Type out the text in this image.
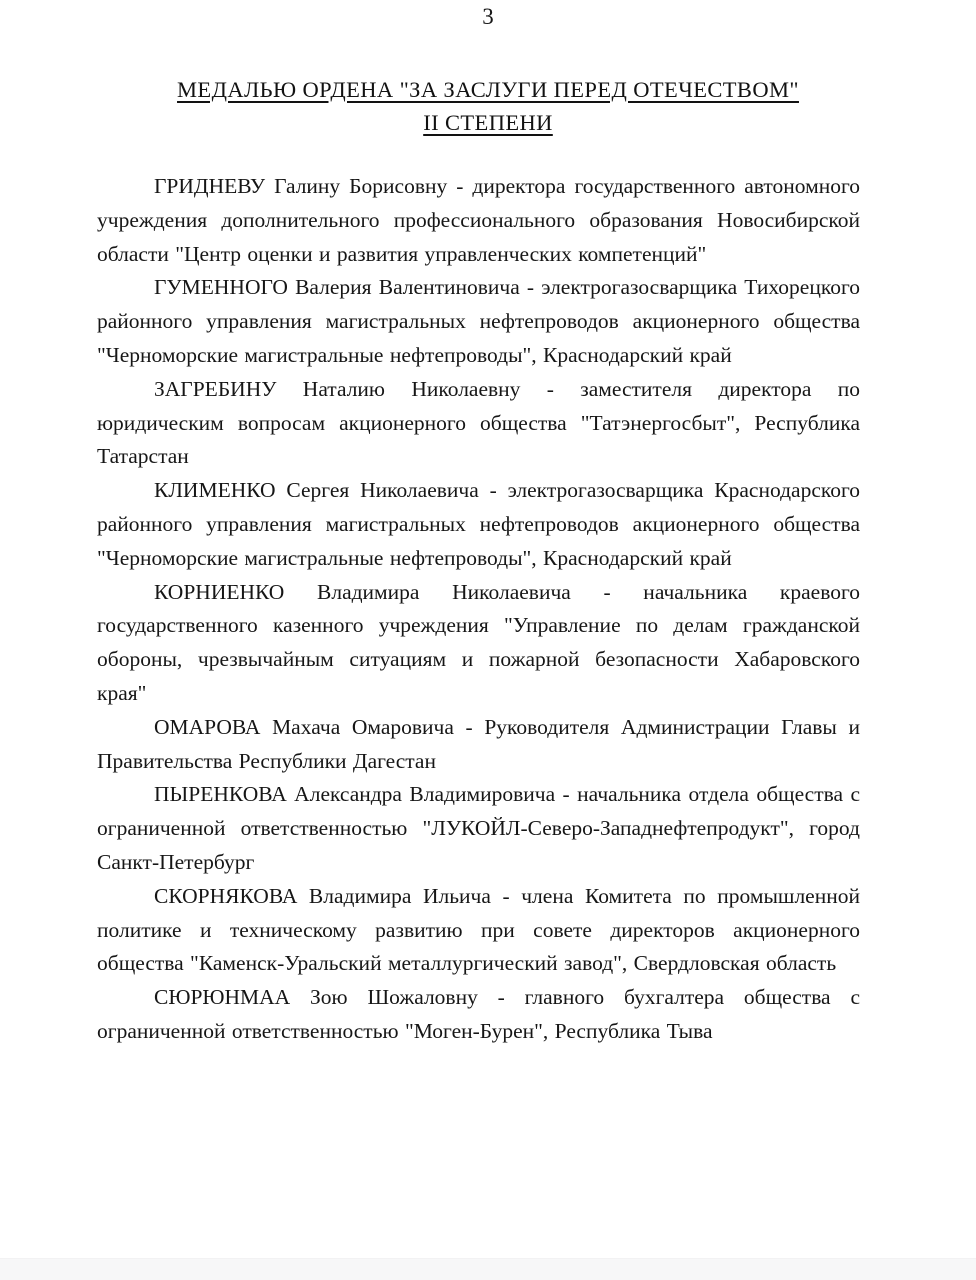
3
МЕДАЛЬЮ ОРДЕНА "ЗА ЗАСЛУГИ ПЕРЕД ОТЕЧЕСТВОМ"
II СТЕПЕНИ

ГРИДНЕВУ Галину Борисовну - директора государственного автономного учреждения дополнительного профессионального образования Новосибирской области "Центр оценки и развития управленческих компетенций"

ГУМЕННОГО Валерия Валентиновича - электрогазосварщика Тихорецкого районного управления магистральных нефтепроводов акционерного общества "Черноморские магистральные нефтепроводы", Краснодарский край

ЗАГРЕБИНУ Наталию Николаевну - заместителя директора по юридическим вопросам акционерного общества "Татэнергосбыт", Республика Татарстан

КЛИМЕНКО Сергея Николаевича - электрогазосварщика Краснодарского районного управления магистральных нефтепроводов акционерного общества "Черноморские магистральные нефтепроводы", Краснодарский край

КОРНИЕНКО Владимира Николаевича - начальника краевого государственного казенного учреждения "Управление по делам гражданской обороны, чрезвычайным ситуациям и пожарной безопасности Хабаровского края"

ОМАРОВА Махача Омаровича - Руководителя Администрации Главы и Правительства Республики Дагестан

ПЫРЕНКОВА Александра Владимировича - начальника отдела общества с ограниченной ответственностью "ЛУКОЙЛ-Северо-Западнефтепродукт", город Санкт-Петербург

СКОРНЯКОВА Владимира Ильича - члена Комитета по промышленной политике и техническому развитию при совете директоров акционерного общества "Каменск-Уральский металлургический завод", Свердловская область

СЮРЮНМАА Зою Шожаловну - главного бухгалтера общества с ограниченной ответственностью "Моген-Бурен", Республика Тыва
